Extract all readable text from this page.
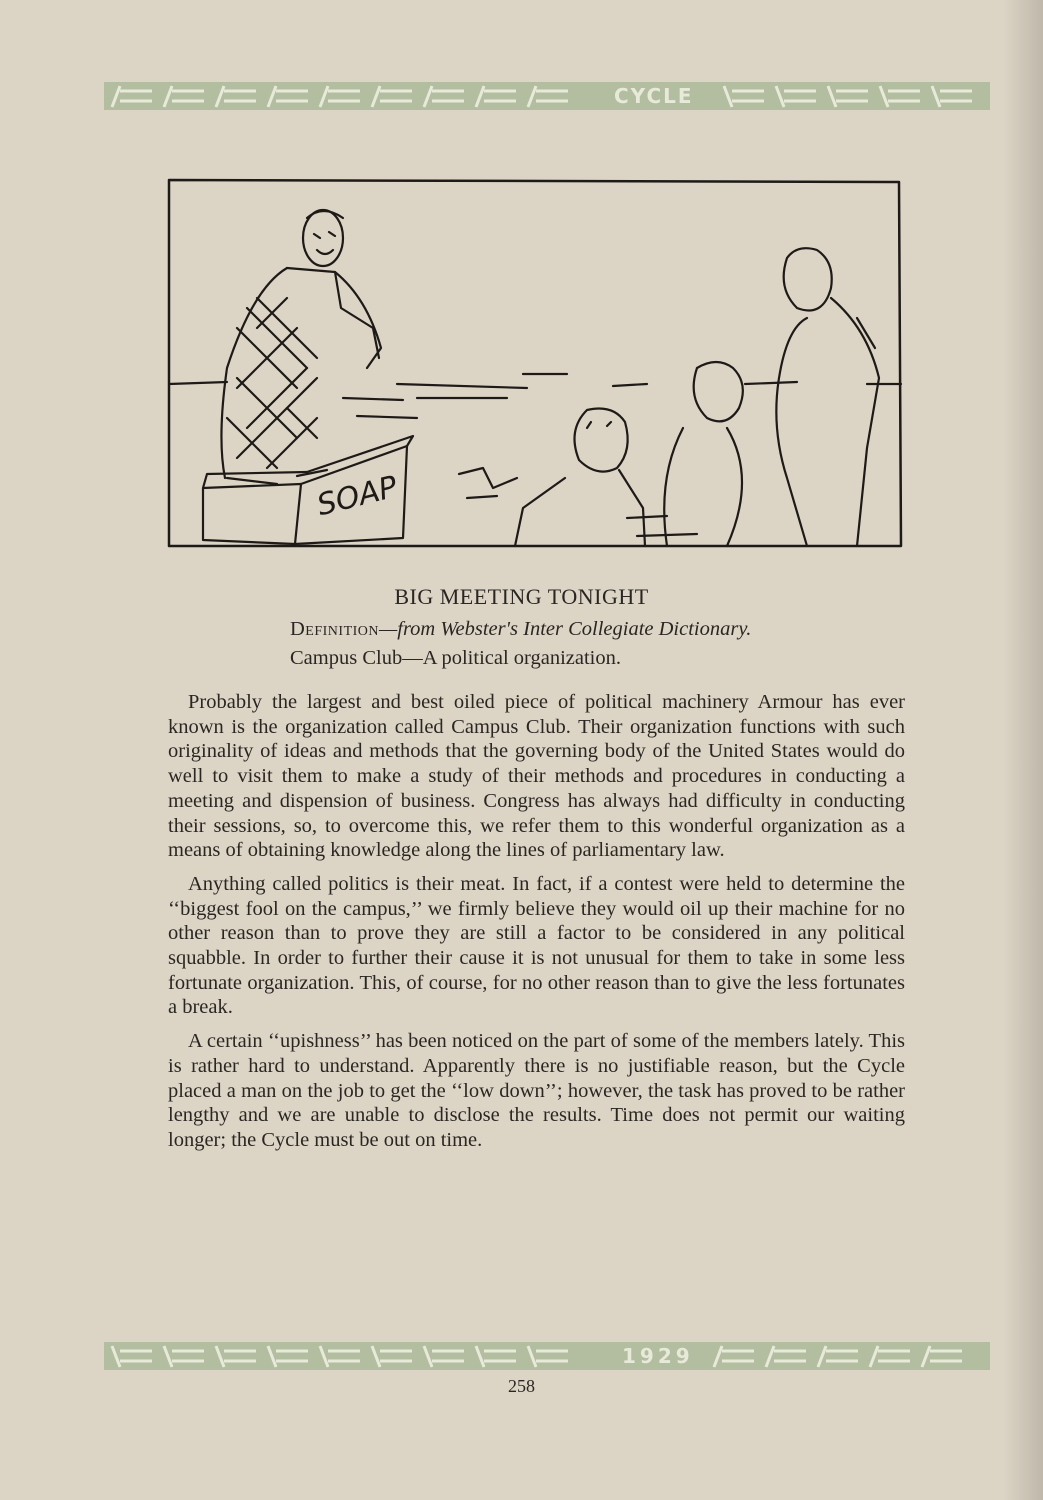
CYCLE
SOAP
BIG MEETING TONIGHT
Definition—from Webster's Inter Collegiate Dictionary.
Campus Club—A political organization.

Probably the largest and best oiled piece of political machinery Armour has ever known is the organization called Campus Club. Their organization functions with such originality of ideas and methods that the governing body of the United States would do well to visit them to make a study of their methods and procedures in conducting a meeting and dispension of business. Congress has always had difficulty in conducting their sessions, so, to overcome this, we refer them to this wonderful organization as a means of obtaining knowledge along the lines of parliamentary law.

Anything called politics is their meat. In fact, if a contest were held to determine the ‘‘biggest fool on the campus,’’ we firmly believe they would oil up their machine for no other reason than to prove they are still a factor to be considered in any political squabble. In order to further their cause it is not unusual for them to take in some less fortunate organization. This, of course, for no other reason than to give the less fortunates a break.

A certain ‘‘upishness’’ has been noticed on the part of some of the members lately. This is rather hard to understand. Apparently there is no justifiable reason, but the Cycle placed a man on the job to get the ‘‘low down’’; however, the task has proved to be rather lengthy and we are unable to disclose the results. Time does not permit our waiting longer; the Cycle must be out on time.

1929
258
